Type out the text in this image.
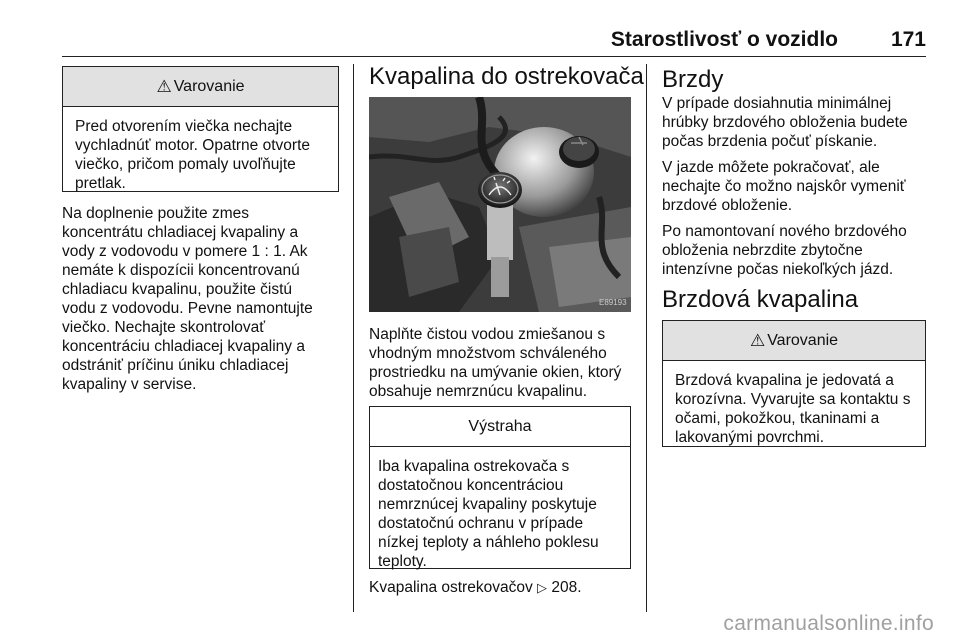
Starostlivosť o vozidlo	171
⚠ Varovanie

Pred otvorením viečka nechajte

vychladnúť motor. Opatrne otvorte

viečko, pričom pomaly uvoľňujte

pretlak.

Na doplnenie použite zmes

koncentrátu chladiacej kvapaliny a

vody z vodovodu v pomere 1 : 1. Ak

nemáte k dispozícii koncentrovanú

chladiacu kvapalinu, použite čistú

vodu z vodovodu. Pevne namontujte

viečko. Nechajte skontrolovať

koncentráciu chladiacej kvapaliny a

odstrániť príčinu úniku chladiacej

kvapaliny v servise.

Kvapalina do ostrekovača
E89193

Naplňte čistou vodou zmiešanou s

vhodným množstvom schváleného

prostriedku na umývanie okien, ktorý

obsahuje nemrznúcu kvapalinu.

Výstraha

Iba kvapalina ostrekovača s

dostatočnou koncentráciou

nemrznúcej kvapaliny poskytuje

dostatočnú ochranu v prípade

nízkej teploty a náhleho poklesu

teploty.

Kvapalina ostrekovačov ▷ 208.

Brzdy

V prípade dosiahnutia minimálnej

hrúbky brzdového obloženia budete

počas brzdenia počuť pískanie.

V jazde môžete pokračovať, ale

nechajte čo možno najskôr vymeniť

brzdové obloženie.

Po namontovaní nového brzdového

obloženia nebrzdite zbytočne

intenzívne počas niekoľkých jázd.

Brzdová kvapalina
⚠ Varovanie

Brzdová kvapalina je jedovatá a

korozívna. Vyvarujte sa kontaktu s

očami, pokožkou, tkaninami a

lakovanými povrchmi.

carmanualsonline.info
